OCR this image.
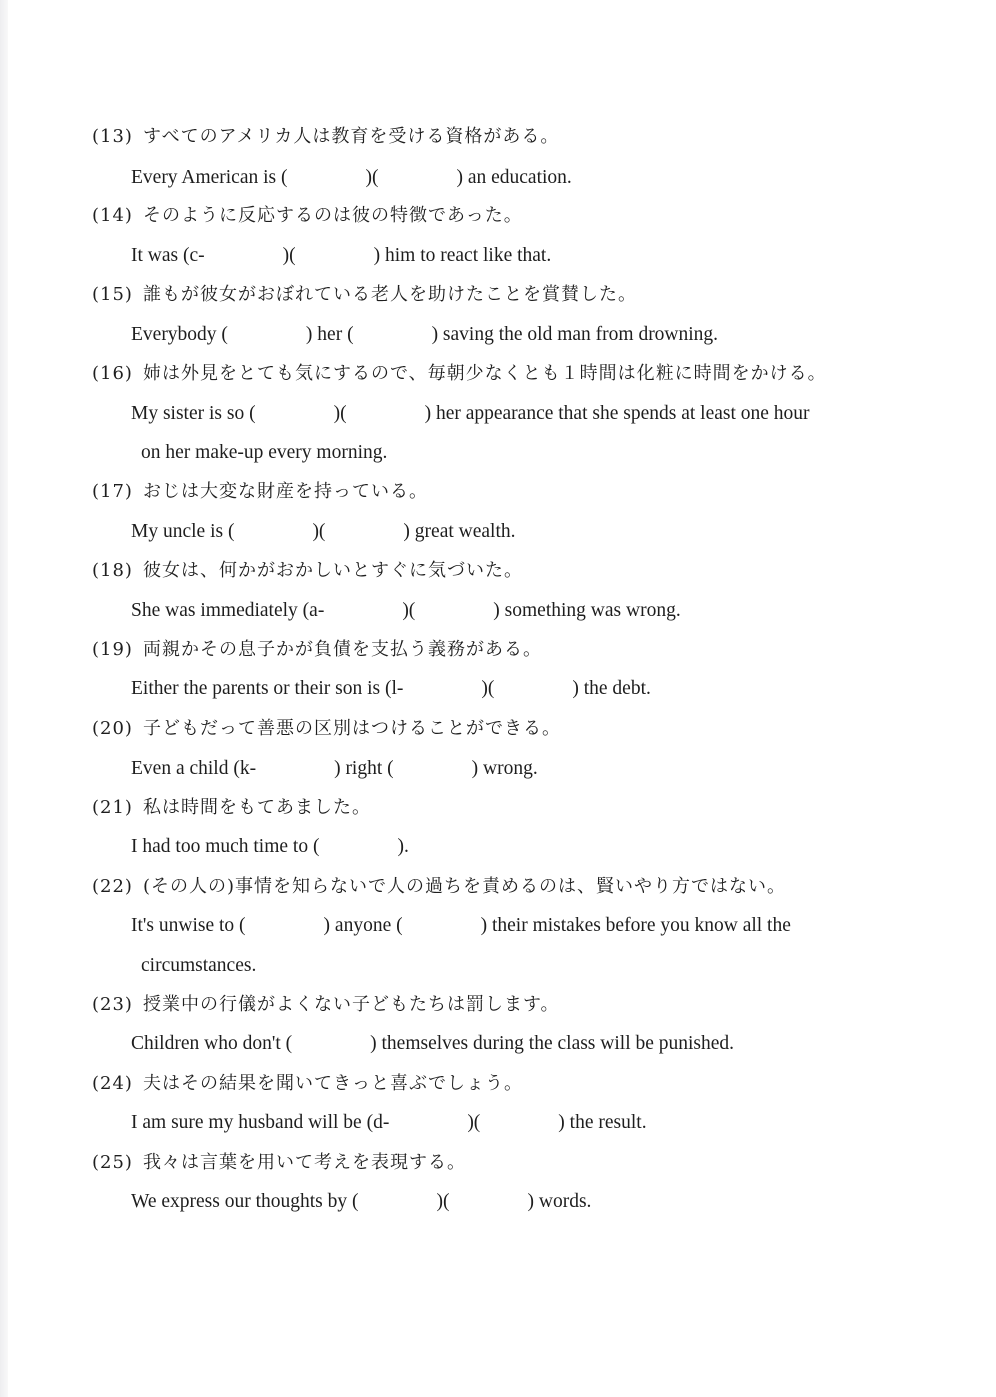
(13) すべてのアメリカ人は教育を受ける資格がある。
Every American is (                )(                ) an education.
(14) そのように反応するのは彼の特徴であった。
It was (c-                )(                ) him to react like that.
(15) 誰もが彼女がおぼれている老人を助けたことを賞賛した。
Everybody (                ) her (                ) saving the old man from drowning.
(16) 姉は外見をとても気にするので、毎朝少なくとも１時間は化粧に時間をかける。
My sister is so (                )(                ) her appearance that she spends at least one hour
on her make-up every morning.
(17) おじは大変な財産を持っている。
My uncle is (                )(                ) great wealth.
(18) 彼女は、何かがおかしいとすぐに気づいた。
She was immediately (a-                )(                ) something was wrong.
(19) 両親かその息子かが負債を支払う義務がある。
Either the parents or their son is (l-                )(                ) the debt.
(20) 子どもだって善悪の区別はつけることができる。
Even a child (k-                ) right (                ) wrong.
(21) 私は時間をもてあました。
I had too much time to (                ).
(22) (その人の)事情を知らないで人の過ちを責めるのは、賢いやり方ではない。
It's unwise to (                ) anyone (                ) their mistakes before you know all the
circumstances.
(23) 授業中の行儀がよくない子どもたちは罰します。
Children who don't (                ) themselves during the class will be punished.
(24) 夫はその結果を聞いてきっと喜ぶでしょう。
I am sure my husband will be (d-                )(                ) the result.
(25) 我々は言葉を用いて考えを表現する。
We express our thoughts by (                )(                ) words.
